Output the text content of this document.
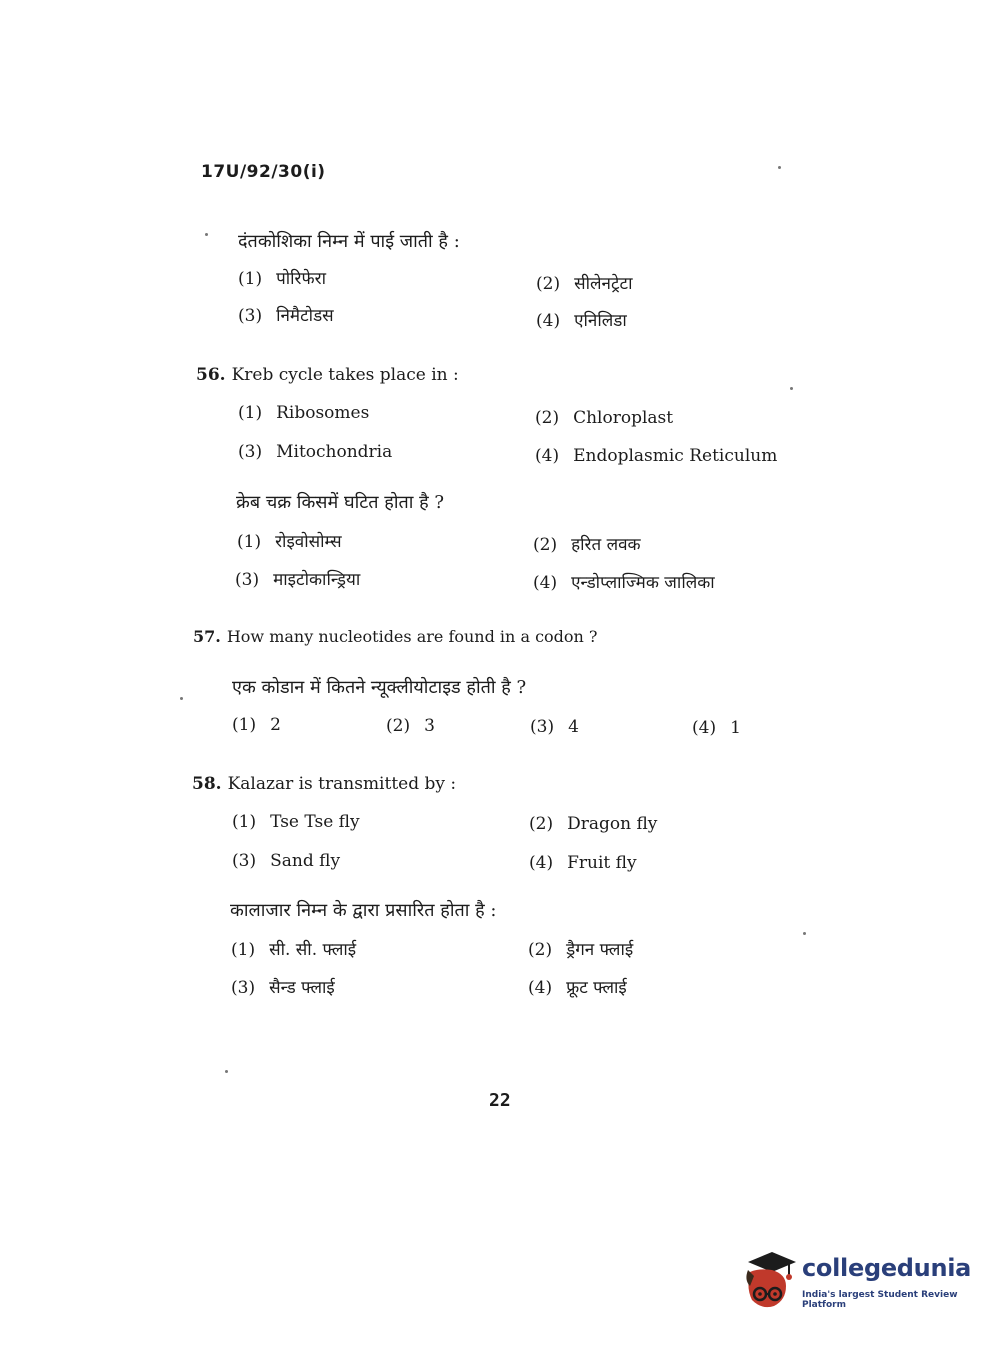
17U/92/30(i)
दंतकोशिका निम्न में पाई जाती है :
(1) पोरिफेरा	(2) सीलेनट्रेटा
(3) निमैटोडस	(4) एनिलिडा
56. Kreb cycle takes place in :
(1) Ribosomes	(2) Chloroplast
(3) Mitochondria	(4) Endoplasmic Reticulum
क्रेब चक्र किसमें घटित होता है ?
(1) रोइवोसोम्स	(2) हरित लवक
(3) माइटोकान्ड्रिया	(4) एन्डोप्लाज्मिक जालिका
57. How many nucleotides are found in a codon ?
एक कोडान में कितने न्यूक्लीयोटाइड होती है ?
(1) 2	(2) 3	(3) 4	(4) 1
58. Kalazar is transmitted by :
(1) Tse Tse fly	(2) Dragon fly
(3) Sand fly	(4) Fruit fly
कालाजार निम्न के द्वारा प्रसारित होता है :
(1) सी. सी. फ्लाई	(2) ड्रैगन फ्लाई
(3) सैन्ड फ्लाई	(4) फ्रूट फ्लाई
22
collegedunia
India's largest Student Review Platform
